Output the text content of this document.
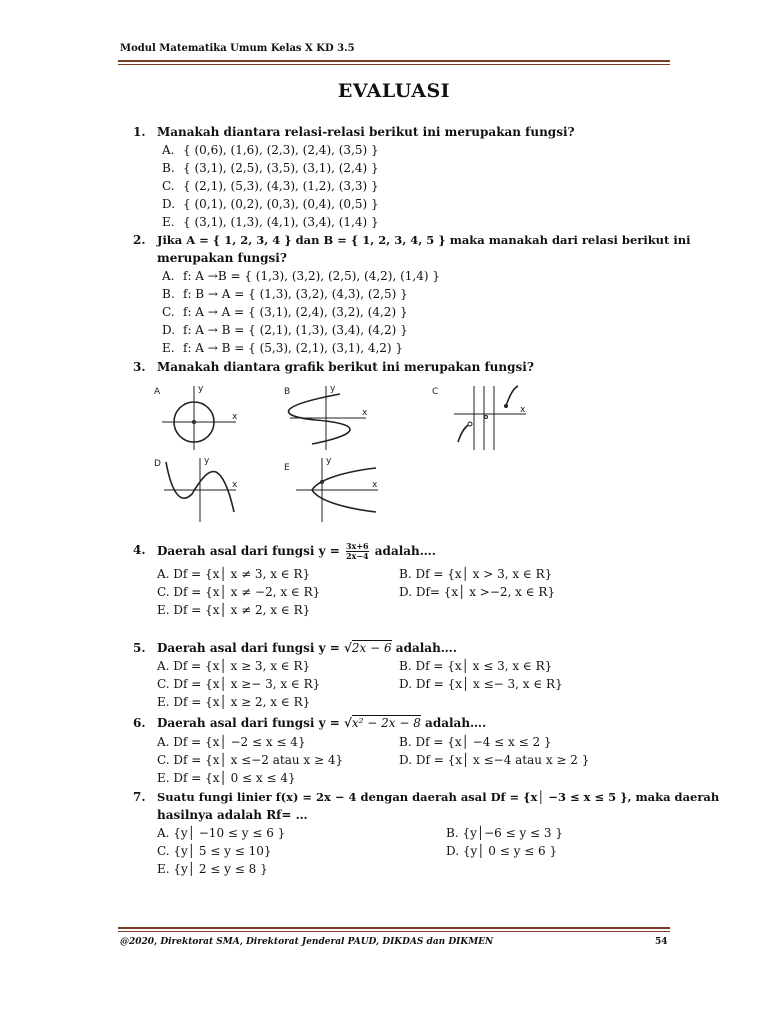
Modul Matematika Umum Kelas X KD 3.5
EVALUASI
1. Manakah diantara relasi-relasi berikut ini merupakan fungsi?
A. { (0,6), (1,6), (2,3), (2,4), (3,5) }
B. { (3,1), (2,5), (3,5), (3,1), (2,4) }
C. { (2,1), (5,3), (4,3), (1,2), (3,3) }
D. { (0,1), (0,2), (0,3), (0,4), (0,5) }
E. { (3,1), (1,3), (4,1), (3,4), (1,4) }
2. Jika A = { 1, 2, 3, 4 } dan B = { 1, 2, 3, 4, 5 } maka manakah dari relasi berikut ini
merupakan fungsi?
A. f: A →B = { (1,3), (3,2), (2,5), (4,2), (1,4) }
B. f: B → A = { (1,3), (3,2), (4,3), (2,5) }
C. f: A → A = { (3,1), (2,4), (3,2), (4,2) }
D. f: A → B = { (2,1), (1,3), (3,4), (4,2) }
E. f: A → B = { (5,3), (2,1), (3,1), 4,2) }
3. Manakah diantara grafik berikut ini merupakan fungsi?
A	y
x
B	y
x
C
x
D	y
x
E
y
x
4. Daerah asal dari fungsi $y = \frac{3x+6}{2x-4}$ adalah….
A. Df = {x│ x ≠ 3, x ∈ R}	B. Df = {x│ x > 3, x ∈ R}
C. Df = {x│ x ≠ −2, x ∈ R}	D. Df= {x│ x >−2, x ∈ R}
E. Df = {x│ x ≠ 2, x ∈ R}
5. Daerah asal dari fungsi y = √2x − 6 adalah….
A. Df = {x│ x ≥ 3, x ∈ R}	B. Df = {x│ x ≤ 3, x ∈ R}
C. Df = {x│ x ≥− 3, x ∈ R}	D. Df = {x│ x ≤− 3, x ∈ R}
E. Df = {x│ x ≥ 2, x ∈ R}
6. Daerah asal dari fungsi y = √x² − 2x − 8 adalah….
A. Df = {x│ −2 ≤ x ≤ 4}	B. Df = {x│ −4 ≤ x ≤ 2 }
C. Df = {x│ x ≤−2 atau x ≥ 4}	D. Df = {x│ x ≤−4 atau x ≥ 2 }
E. Df = {x│ 0 ≤ x ≤ 4}
7. Suatu fungi linier f(x) = 2x − 4 dengan daerah asal Df = {x│ −3 ≤ x ≤ 5 }, maka daerah
hasilnya adalah Rf= …
A. {y│ −10 ≤ y ≤ 6 }	B. {y│−6 ≤ y ≤ 3 }
C. {y│ 5 ≤ y ≤ 10}	D. {y│ 0 ≤ y ≤ 6 }
E. {y│ 2 ≤ y ≤ 8 }
@2020, Direktorat SMA, Direktorat Jenderal PAUD, DIKDAS dan DIKMEN	54
